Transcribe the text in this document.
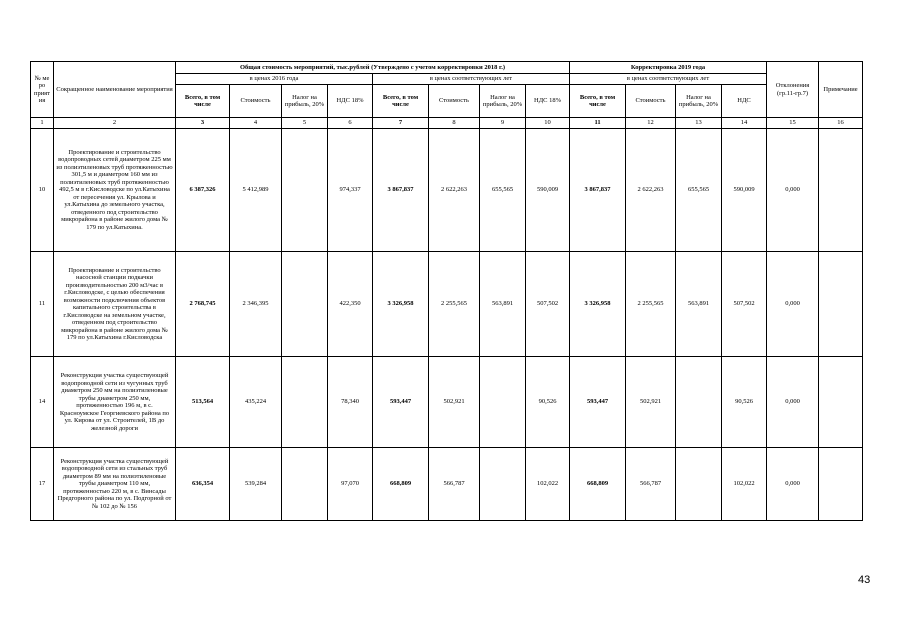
№ ме ро прият ия	Сокращенное наименование мероприятия	Общая стоимость мероприятий, тыс.рублей (Утверждено с учетом корректировки 2018 г.)								Корректировка 2019 года				Отклонения (гр.11-гр.7)	Примечание
		в ценах 2016 года				в ценах соответствующих лет				в ценах соответствующих лет					
		Всего, в том числе	Стоимость	Налог на прибыль, 20%	НДС 18%	Всего, в том числе	Стоимость	Налог на прибыль, 20%	НДС 18%	Всего, в том числе	Стоимость	Налог на прибыль, 20%	НДС		
1	2	3	4	5	6	7	8	9	10	11	12	13	14	15	16
10	Проектирование и строительство водопроводных сетей диаметром 225 мм из полиэтиленовых труб протяженностью 301,5 м и диаметром 160 мм из полиэтиленовых труб протяженностью 492,5 м в г.Кисловодске по ул.Катыхина от пересечения ул. Крылова и ул.Катыхина до земельного участка, отведенного под строительство микрорайона в районе жилого дома № 179 по ул.Катыхина.	6 387,326	5 412,989		974,337	3 867,837	2 622,263	655,565	590,009	3 867,837	2 622,263	655,565	590,009	0,000	
11	Проектирование и строительство насосной станции подкачки производительностью 200 м3/час в г.Кисловодске, с целью обеспечения возможности подключения объектов капитального строительства в г.Кисловодске на земельном участке, отведенном под строительство микрорайона в районе жилого дома № 179 по ул.Катыхина г.Кисловодска	2 768,745	2 346,395		422,350	3 326,958	2 255,565	563,891	507,502	3 326,958	2 255,565	563,891	507,502	0,000	
14	Реконструкция участка существующей водопроводной сети из чугунных труб диаметром 250 мм на полиэтиленовые трубы диаметром 250 мм, протяженностью 196 м, в с. Красноумское Георгиевского района по ул. Кирова от ул. Строителей, 1В до железной дороги	513,564	435,224		78,340	593,447	502,921		90,526	593,447	502,921		90,526	0,000	
17	Реконструкция участка существующей водопроводной сети из стальных труб диаметром 89 мм на полиэтиленовые трубы диаметром 110 мм, протяженностью 220 м, в с. Винсады Предгорного района по ул. Подгорной от № 102 до № 156	636,354	539,284		97,070	668,809	566,787		102,022	668,809	566,787		102,022	0,000	
43
